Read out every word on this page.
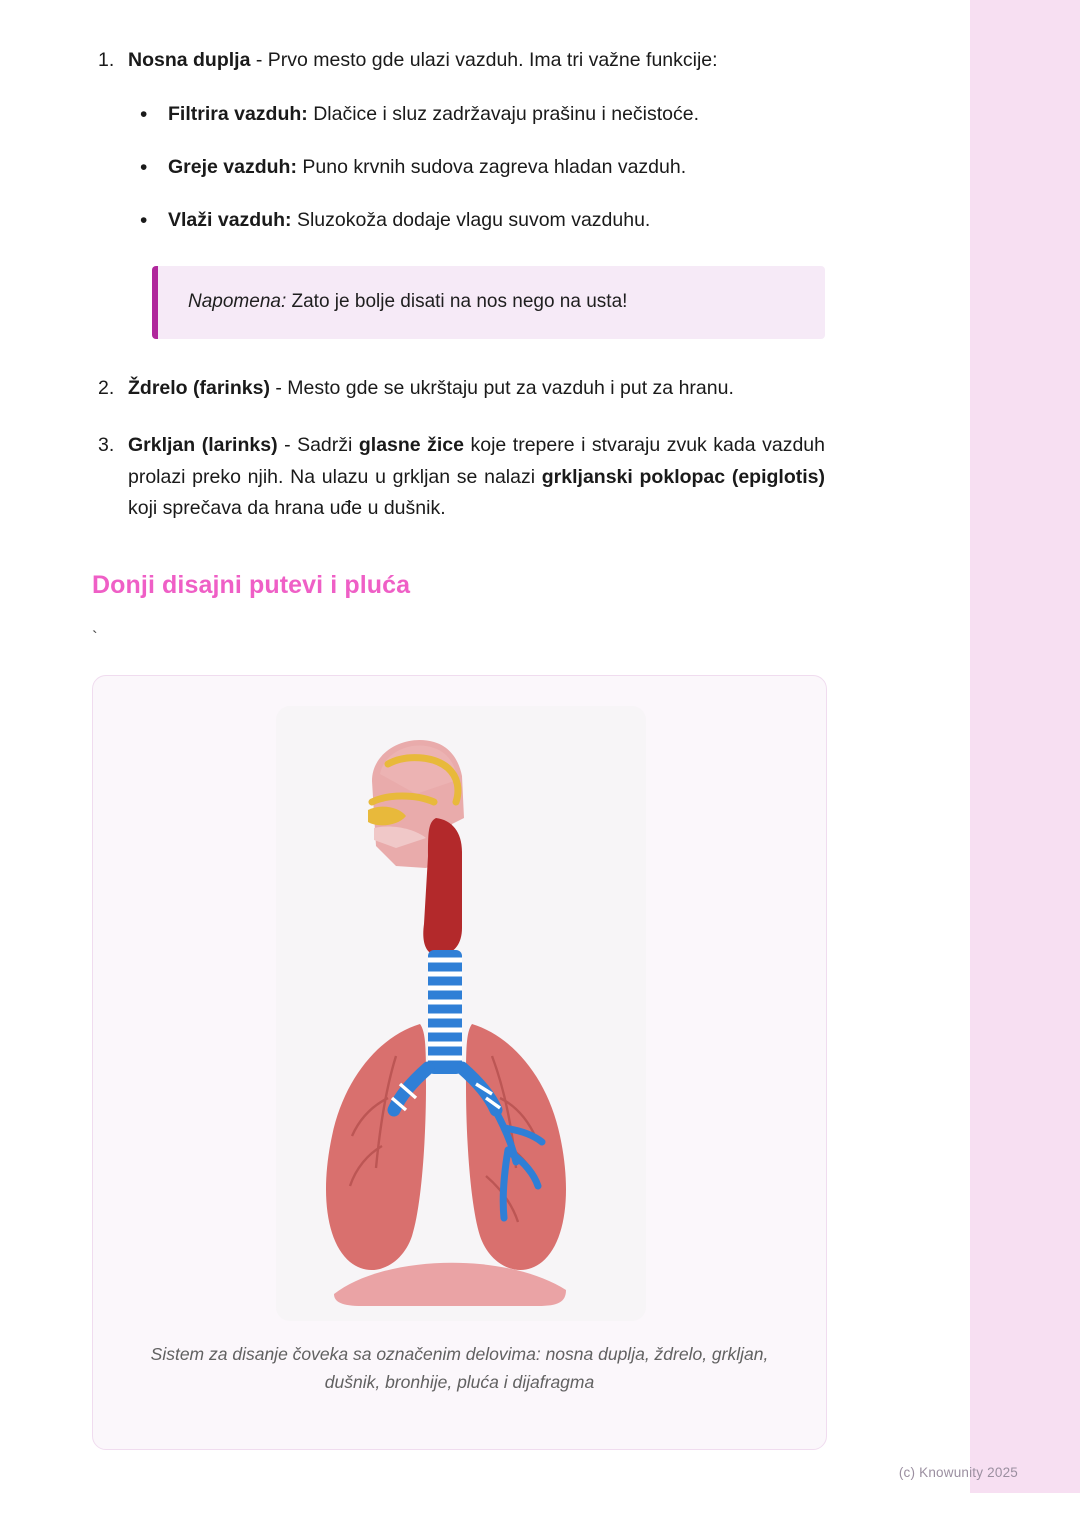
1. Nosna duplja - Prvo mesto gde ulazi vazduh. Ima tri važne funkcije:
• Filtrira vazduh: Dlačice i sluz zadržavaju prašinu i nečistoće.
• Greje vazduh: Puno krvnih sudova zagreva hladan vazduh.
• Vlaži vazduh: Sluzokoža dodaje vlagu suvom vazduhu.
Napomena: Zato je bolje disati na nos nego na usta!
2. Ždrelo (farinks) - Mesto gde se ukrštaju put za vazduh i put za hranu.
3. Grkljan (larinks) - Sadrži glasne žice koje trepere i stvaraju zvuk kada vazduh prolazi preko njih. Na ulazu u grkljan se nalazi grkljanski poklopac (epiglotis) koji sprečava da hrana uđe u dušnik.
Donji disajni putevi i pluća
`
Sistem za disanje čoveka sa označenim delovima: nosna duplja, ždrelo, grkljan, dušnik, bronhije, pluća i dijafragma
(c) Knowunity 2025
